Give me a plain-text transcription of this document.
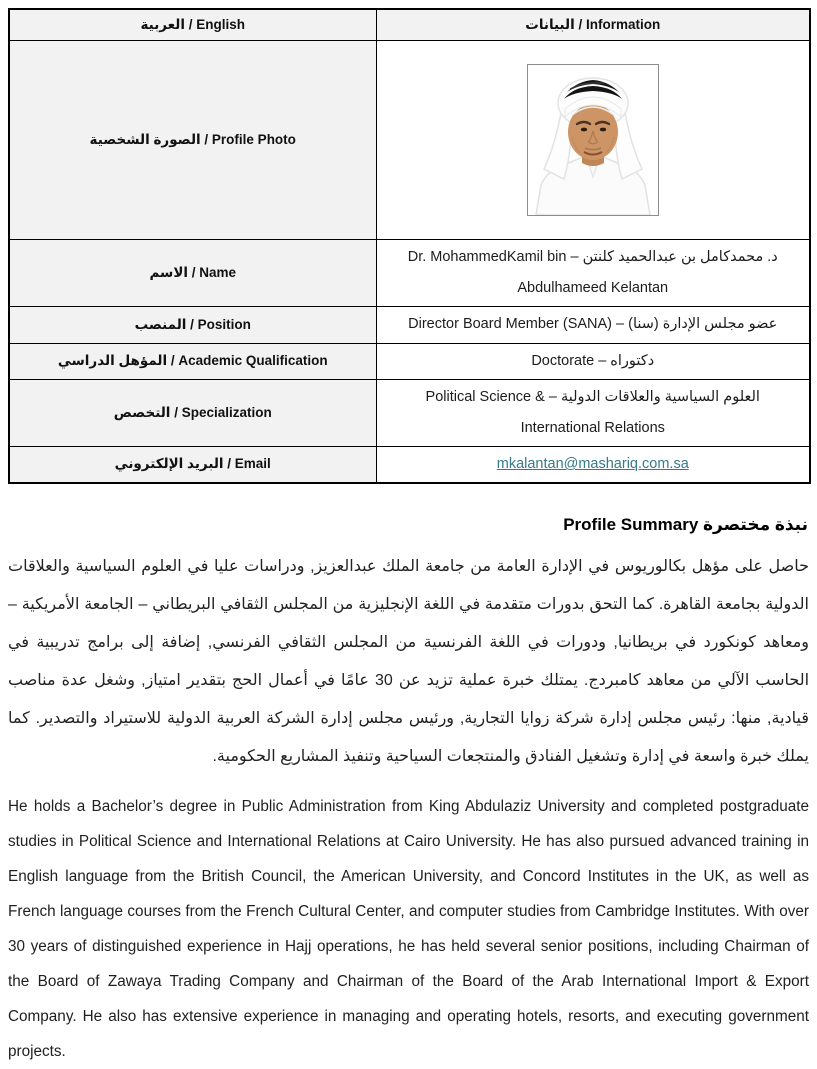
العربية / English	البيانات / Information
الصورة الشخصية / Profile Photo	

الاسم / Name	د. محمدكامل بن عبدالحميد كلنتن – Dr. MohammedKamil bin Abdulhameed Kelantan
المنصب / Position	عضو مجلس الإدارة (سنا) – Director Board Member (SANA)
المؤهل الدراسي / Academic Qualification	دكتوراه – Doctorate
التخصص / Specialization	العلوم السياسية والعلاقات الدولية – Political Science & International Relations
البريد الإلكتروني / Email	mkalantan@mashariq.com.sa
نبذة مختصرة Profile Summary

حاصل على مؤهل بكالوريوس في الإدارة العامة من جامعة الملك عبدالعزيز, ودراسات عليا في العلوم السياسية والعلاقات الدولية بجامعة القاهرة. كما التحق بدورات متقدمة في اللغة الإنجليزية من المجلس الثقافي البريطاني – الجامعة الأمريكية – ومعاهد كونكورد في بريطانيا, ودورات في اللغة الفرنسية من المجلس الثقافي الفرنسي, إضافة إلى برامج تدريبية في الحاسب الآلي من معاهد كامبردج. يمتلك خبرة عملية تزيد عن 30 عامًا في أعمال الحج بتقدير امتياز, وشغل عدة مناصب قيادية, منها: رئيس مجلس إدارة شركة زوايا التجارية, ورئيس مجلس إدارة الشركة العربية الدولية للاستيراد والتصدير. كما يملك خبرة واسعة في إدارة وتشغيل الفنادق والمنتجعات السياحية وتنفيذ المشاريع الحكومية.

He holds a Bachelor’s degree in Public Administration from King Abdulaziz University and completed postgraduate studies in Political Science and International Relations at Cairo University. He has also pursued advanced training in English language from the British Council, the American University, and Concord Institutes in the UK, as well as French language courses from the French Cultural Center, and computer studies from Cambridge Institutes. With over 30 years of distinguished experience in Hajj operations, he has held several senior positions, including Chairman of the Board of Zawaya Trading Company and Chairman of the Board of the Arab International Import & Export Company. He also has extensive experience in managing and operating hotels, resorts, and executing government projects.
